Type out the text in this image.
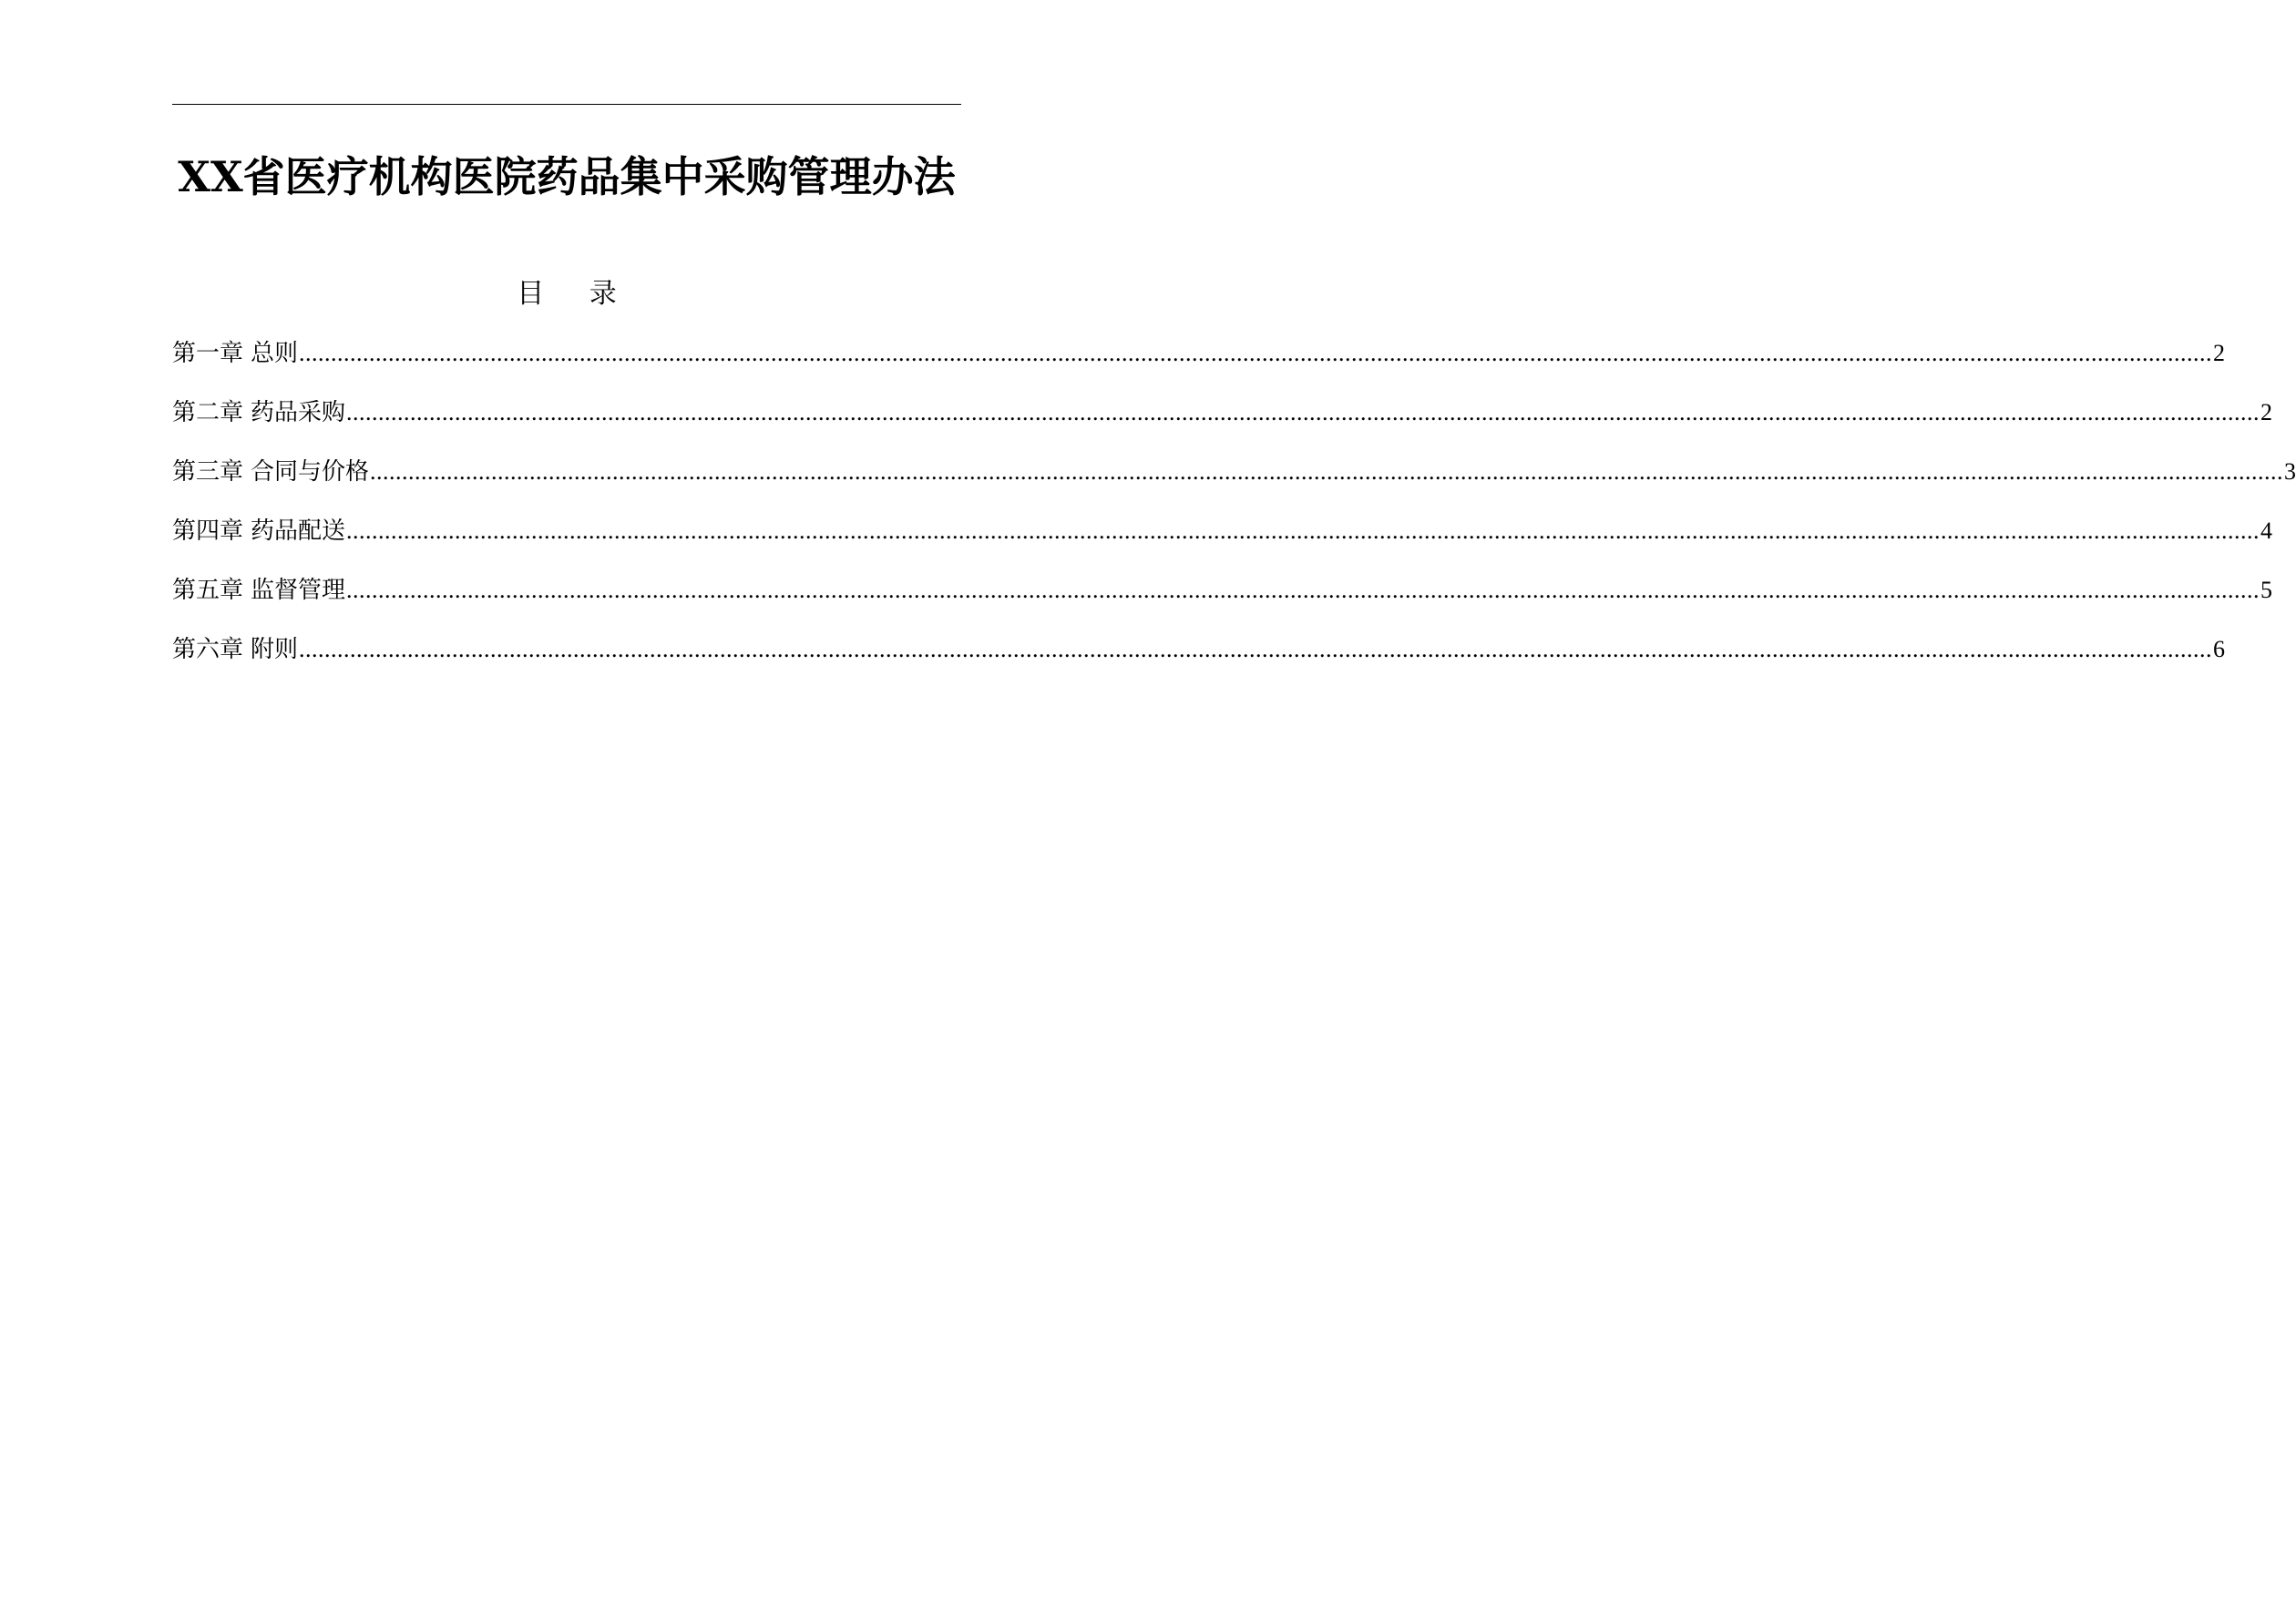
XX省医疗机构医院药品集中采购管理办法
目 录
第一章 总则 ............................................................................................................................................................................................................................................................................................................ 2
第二章 药品采购 ............................................................................................................................................................................................................................................................................................................ 2
第三章 合同与价格 ............................................................................................................................................................................................................................................................................................................ 3
第四章 药品配送 ............................................................................................................................................................................................................................................................................................................ 4
第五章 监督管理 ............................................................................................................................................................................................................................................................................................................ 5
第六章 附则 ............................................................................................................................................................................................................................................................................................................ 6
